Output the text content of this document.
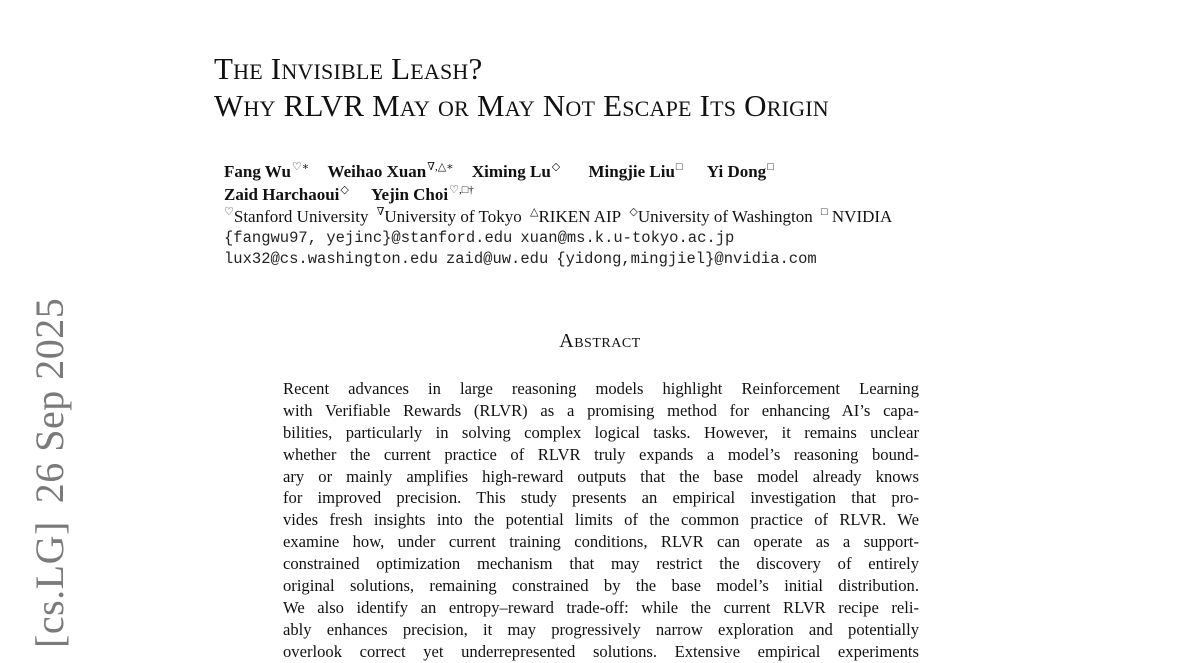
[cs.LG]26 Sep 2025
The Invisible Leash?
Why RLVR May or May Not Escape Its Origin
Fang Wu♡∗ Weihao Xuan∇,△∗ Ximing Lu◇ Mingjie Liu□ Yi Dong□
Zaid Harchaoui◇ Yejin Choi♡,□†
♡Stanford University ∇University of Tokyo △RIKEN AIP ◇University of Washington □ NVIDIA
{fangwu97, yejinc}@stanford.edu xuan@ms.k.u-tokyo.ac.jp
lux32@cs.washington.edu zaid@uw.edu {yidong,mingjiel}@nvidia.com
Abstract
Recent advances in large reasoning models highlight Reinforcement Learning
with Verifiable Rewards (RLVR) as a promising method for enhancing AI’s capa-
bilities, particularly in solving complex logical tasks. However, it remains unclear
whether the current practice of RLVR truly expands a model’s reasoning bound-
ary or mainly amplifies high-reward outputs that the base model already knows
for improved precision. This study presents an empirical investigation that pro-
vides fresh insights into the potential limits of the common practice of RLVR. We
examine how, under current training conditions, RLVR can operate as a support-
constrained optimization mechanism that may restrict the discovery of entirely
original solutions, remaining constrained by the base model’s initial distribution.
We also identify an entropy–reward trade-off: while the current RLVR recipe reli-
ably enhances precision, it may progressively narrow exploration and potentially
overlook correct yet underrepresented solutions. Extensive empirical experiments
